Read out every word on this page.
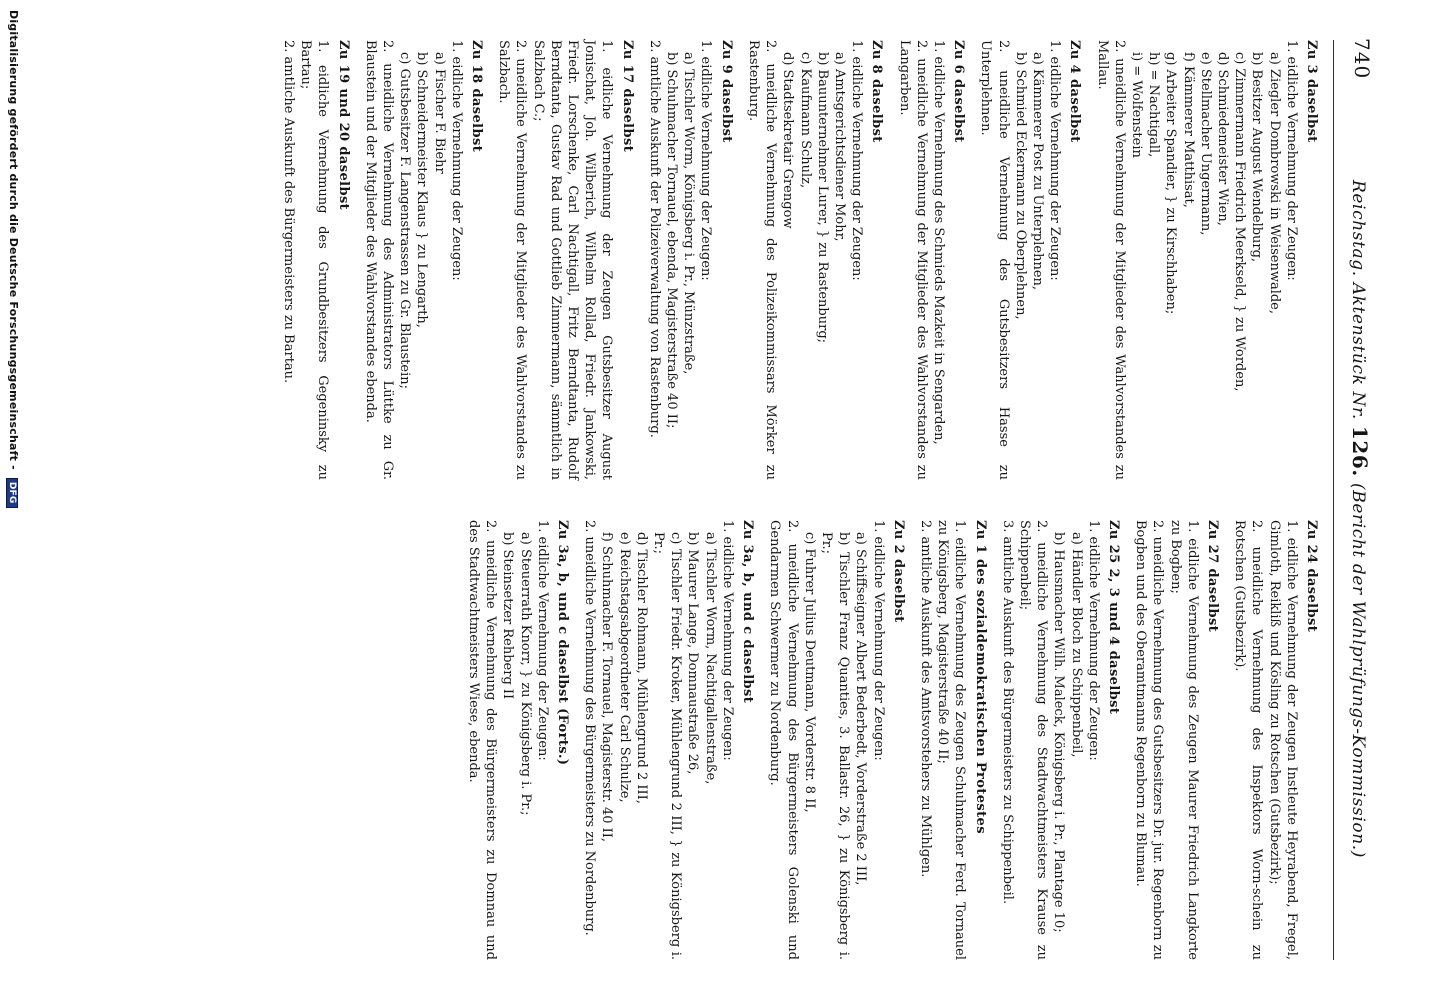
740
Reichstag. Aktenstück Nr. 126. (Bericht der Wahlprüfungs-Kommission.)
Zu 3 daselbst

1. eidliche Vernehmung der Zeugen:

a) Ziegler Dombrowski in Weisenwalde,

b) Besitzer August Wendelburg,

c) Zimmermann Friedrich Meerkseld, } zu Worden,

d) Schmiedemeister Wien,

e) Stellmacher Ungermann,

f) Kämmerer Matthisat,

g) Arbeiter Spandier, } zu Kirschhaben;

h) = Nachtigall,

i) = Wolfenstein

2. uneidliche Vernehmung der Mitglieder des Wahlvorstandes zu Mallau.

Zu 4 daselbst

1. eidliche Vernehmung der Zeugen:

a) Kämmerer Post zu Unterplehnen,

b) Schmied Eckermann zu Oberplehnen,

2. uneidliche Vernehmung des Gutsbesitzers Hasse zu Unterplehnen.

Zu 6 daselbst

1. eidliche Vernehmung des Schmieds Mazkeit in Sengarden,

2. uneidliche Vernehmung der Mitglieder des Wahlvorstandes zu Langarben.

Zu 8 daselbst

1. eidliche Vernehmung der Zeugen:

a) Amtsgerichtsdiener Mohr,

b) Bauunternehmer Lurer, } zu Rastenburg;

c) Kaufmann Schulz,

d) Stadtsekretair Grengow

2. uneidliche Vernehmung des Polizeikommissars Mörker zu Rastenburg.

Zu 9 daselbst

1. eidliche Vernehmung der Zeugen:

a) Tischler Worm, Königsberg i. Pr., Münzstraße,

b) Schuhmacher Tornauel, ebenda, Magisterstraße 40 II;

2. amtliche Auskunft der Polizeiverwaltung von Rastenburg.

Zu 17 daselbst

1. eidliche Vernehmung der Zeugen Gutsbesitzer August Jonischat, Joh. Wilberich, Wilhelm Rollad, Friedr. Jankowski, Friedr. Lorschenke, Carl Nachtigall, Fritz Berndtanta, Rudolf Berndtanta, Gustav Rad und Gottlieb Zimmermann, sämmtlich in Salzbach C.;

2. uneidliche Vernehmung der Mitglieder des Wahlvorstandes zu Salzbach.

Zu 18 daselbst

1. eidliche Vernehmung der Zeugen:

a) Fischer F. Biehr

b) Schneidermeister Klaus } zu Lengarth,

c) Gutsbesitzer F. Langenstrassen zu Gr. Blaustein;

2. uneidliche Vernehmung des Administrators Lüttke zu Gr. Blaustein und der Mitglieder des Wahlvorstandes ebenda.

Zu 19 und 20 daselbst

1. eidliche Vernehmung des Grundbesitzers Gegeninsky zu Bartau;

2. amtliche Auskunft des Bürgermeisters zu Bartau.

Zu 24 daselbst

1. eidliche Vernehmung der Zeugen Instleute Heyrabend, Fregel, Gimloth, Reikliß und Kösling zu Rotschen (Gutsbezirk);

2. uneidliche Vernehmung des Inspektors Worn-schein zu Rotschen (Gutsbezirk).

Zu 27 daselbst

1. eidliche Vernehmung des Zeugen Maurer Friedrich Langkorte zu Bogben;

2. uneidliche Vernehmung des Gutsbesitzers Dr. jur. Regenborn zu Bogben und des Oberamtmanns Regenborn zu Blumau.

Zu 25 2, 3 und 4 daselbst

1. eidliche Vernehmung der Zeugen:

a) Händler Bloch zu Schippenbeil,

b) Hausmacher Wilh. Maleck, Königsberg i. Pr., Plantage 10;

2. uneidliche Vernehmung des Stadtwachtmeisters Krause zu Schippenbeil;

3. amtliche Auskunft des Bürgermeisters zu Schippenbeil.

Zu 1 des sozialdemokratischen Protestes

1. eidliche Vernehmung des Zeugen Schuhmacher Ferd. Tornauel zu Königsberg, Magisterstraße 40 II;

2. amtliche Auskunft des Amtsvorstehers zu Mühlgen.

Zu 2 daselbst

1. eidliche Vernehmung der Zeugen:

a) Schiffseigner Albert Bederbedt, Vorderstraße 2 III,

b) Tischler Franz Quanties, 3. Ballastr. 26, } zu Königsberg i. Pr.;

c) Fuhrer Julius Deutmann, Vorderstr. 8 II,

2. uneidliche Vernehmung des Bürgermeisters Golenski und Gendarmen Schwermer zu Nordenburg.

Zu 3a, b, und c daselbst

1. eidliche Vernehmung der Zeugen:

a) Tischler Worm, Nachtigallenstraße,

b) Maurer Lange, Domnaustraße 26,

c) Tischler Friedr. Kroker, Mühlengrund 2 III, } zu Königsberg i. Pr.;

d) Tischler Rohmann, Mühlengrund 2 III,

e) Reichstagsabgeordneter Carl Schulze,

f) Schuhmacher F. Tornauel, Magisterstr. 40 II,

2. uneidliche Vernehmung des Bürgermeisters zu Nordenburg.

Zu 3a, b, und c daselbst (Forts.)

1. eidliche Vernehmung der Zeugen:

a) Steuerrath Knorr, } zu Königsberg i. Pr.;

b) Steinsetzer Rehberg II

2. uneidliche Vernehmung des Bürgermeisters zu Domnau und des Stadtwachtmeisters Wiese, ebenda.

Digitalisierung gefördert durch die Deutsche Forschungsgemeinschaft - DFG
